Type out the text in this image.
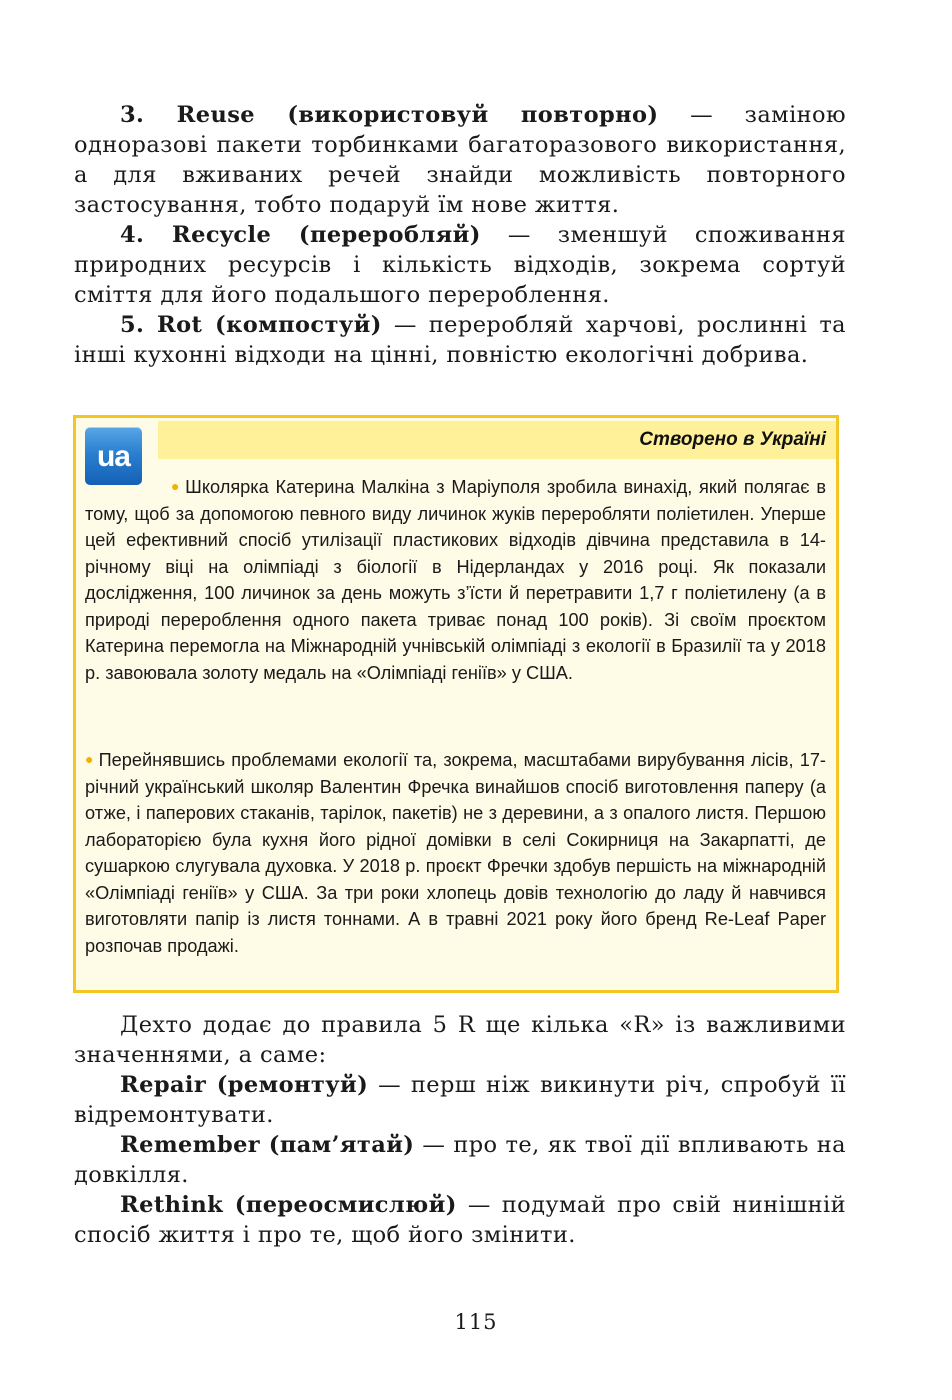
3. Reuse (використовуй повторно) — заміною одноразові пакети торбинками багаторазового використання, а для вживаних речей знайди можливість повторного застосування, тобто подаруй їм нове життя.

4. Recycle (переробляй) — зменшуй споживання природних ресурсів і кількість відходів, зокрема сортуй сміття для його подальшого перероблення.

5. Rot (компостуй) — переробляй харчові, рослинні та інші кухонні відходи на цінні, повністю екологічні добрива.

Створено в Україні
ua

● Школярка Катерина Малкіна з Маріуполя зробила винахід, який полягає в тому, щоб за допомогою певного виду личинок жуків переробляти поліетилен. Уперше цей ефективний спосіб утилізації пластикових відходів дівчина представила в 14-річному віці на олімпіаді з біології в Нідерландах у 2016 році. Як показали дослідження, 100 личинок за день можуть з’їсти й перетравити 1,7 г поліетилену (а в природі перероблення одного пакета триває понад 100 років). Зі своїм проєктом Катерина перемогла на Міжнародній учнівській олімпіаді з екології в Бразилії та у 2018 р. завоювала золоту медаль на «Олімпіаді геніїв» у США.

● Перейнявшись проблемами екології та, зокрема, масштабами вирубування лісів, 17-річний український школяр Валентин Фречка винайшов спосіб виготовлення паперу (а отже, і паперових стаканів, тарілок, пакетів) не з деревини, а з опалого листя. Першою лабораторією була кухня його рідної домівки в селі Сокирниця на Закарпатті, де сушаркою слугувала духовка. У 2018 р. проєкт Фречки здобув першість на міжнародній «Олімпіаді геніїв» у США. За три роки хлопець довів технологію до ладу й навчився виготовляти папір із листя тоннами. А в травні 2021 року його бренд Re-Leaf Paper розпочав продажі.

Дехто додає до правила 5 R ще кілька «R» із важливими значеннями, а саме:

Repair (ремонтуй) — перш ніж викинути річ, спробуй її відремонтувати.

Remember (пам’ятай) — про те, як твої дії впливають на довкілля.

Rethink (переосмислюй) — подумай про свій нинішній спосіб життя і про те, щоб його змінити.

115
